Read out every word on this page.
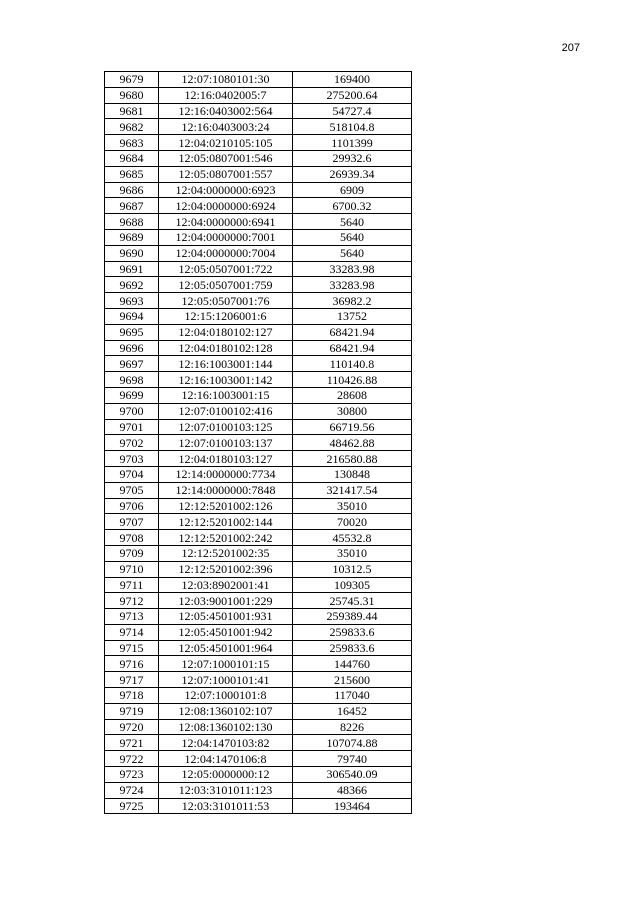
207
9679	12:07:1080101:30	169400
9680	12:16:0402005:7	275200.64
9681	12:16:0403002:564	54727.4
9682	12:16:0403003:24	518104.8
9683	12:04:0210105:105	1101399
9684	12:05:0807001:546	29932.6
9685	12:05:0807001:557	26939.34
9686	12:04:0000000:6923	6909
9687	12:04:0000000:6924	6700.32
9688	12:04:0000000:6941	5640
9689	12:04:0000000:7001	5640
9690	12:04:0000000:7004	5640
9691	12:05:0507001:722	33283.98
9692	12:05:0507001:759	33283.98
9693	12:05:0507001:76	36982.2
9694	12:15:1206001:6	13752
9695	12:04:0180102:127	68421.94
9696	12:04:0180102:128	68421.94
9697	12:16:1003001:144	110140.8
9698	12:16:1003001:142	110426.88
9699	12:16:1003001:15	28608
9700	12:07:0100102:416	30800
9701	12:07:0100103:125	66719.56
9702	12:07:0100103:137	48462.88
9703	12:04:0180103:127	216580.88
9704	12:14:0000000:7734	130848
9705	12:14:0000000:7848	321417.54
9706	12:12:5201002:126	35010
9707	12:12:5201002:144	70020
9708	12:12:5201002:242	45532.8
9709	12:12:5201002:35	35010
9710	12:12:5201002:396	10312.5
9711	12:03:8902001:41	109305
9712	12:03:9001001:229	25745.31
9713	12:05:4501001:931	259389.44
9714	12:05:4501001:942	259833.6
9715	12:05:4501001:964	259833.6
9716	12:07:1000101:15	144760
9717	12:07:1000101:41	215600
9718	12:07:1000101:8	117040
9719	12:08:1360102:107	16452
9720	12:08:1360102:130	8226
9721	12:04:1470103:82	107074.88
9722	12:04:1470106:8	79740
9723	12:05:0000000:12	306540.09
9724	12:03:3101011:123	48366
9725	12:03:3101011:53	193464
